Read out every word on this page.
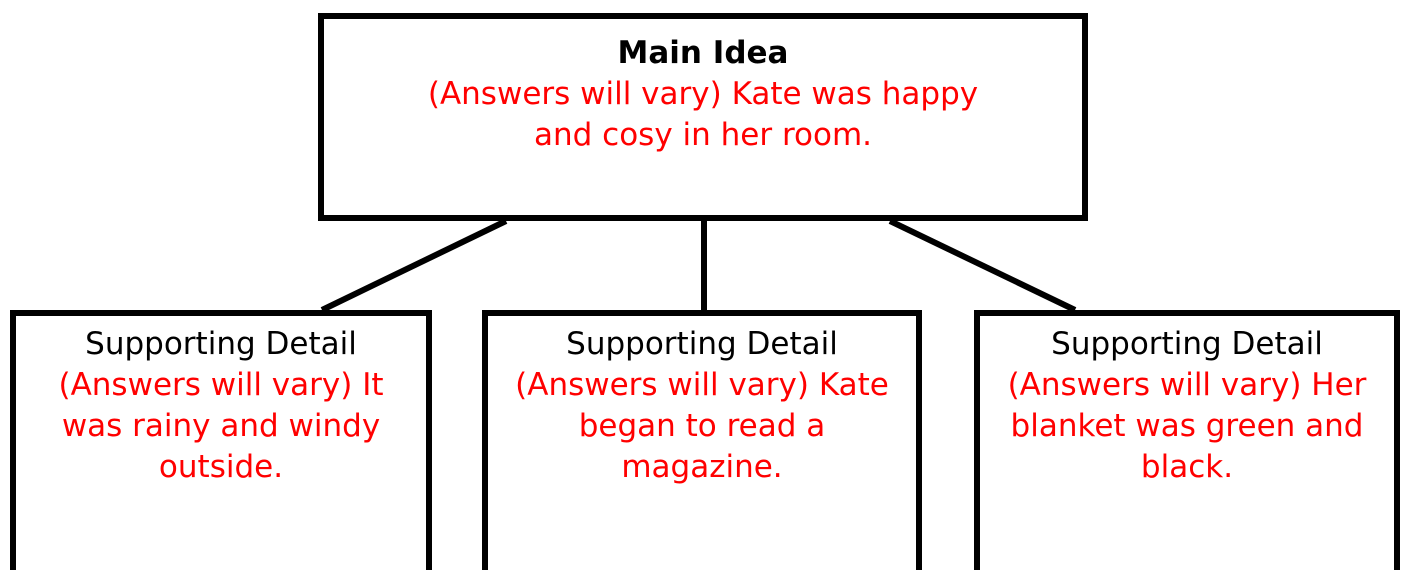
Main Idea
(Answers will vary) Kate was happy and cosy in her room.
Supporting Detail
(Answers will vary) It was rainy and windy outside.
Supporting Detail
(Answers will vary) Kate began to read a magazine.
Supporting Detail
(Answers will vary) Her blanket was green and black.
